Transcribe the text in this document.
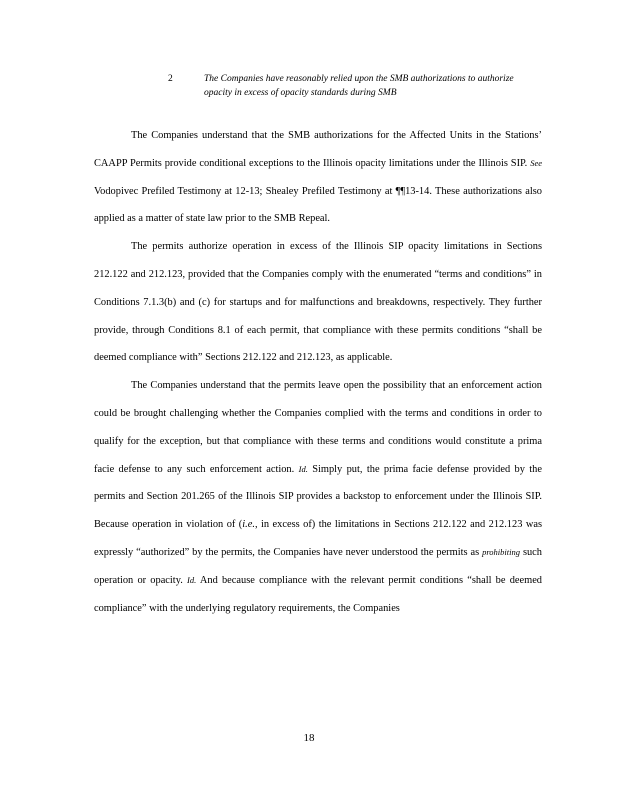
2	The Companies have reasonably relied upon the SMB authorizations to authorize opacity in excess of opacity standards during SMB

The Companies understand that the SMB authorizations for the Affected Units in the Stations’ CAAPP Permits provide conditional exceptions to the Illinois opacity limitations under the Illinois SIP. See Vodopivec Prefiled Testimony at 12-13; Shealey Prefiled Testimony at ¶¶13-14. These authorizations also applied as a matter of state law prior to the SMB Repeal.

The permits authorize operation in excess of the Illinois SIP opacity limitations in Sections 212.122 and 212.123, provided that the Companies comply with the enumerated “terms and conditions” in Conditions 7.1.3(b) and (c) for startups and for malfunctions and breakdowns, respectively. They further provide, through Conditions 8.1 of each permit, that compliance with these permits conditions “shall be deemed compliance with” Sections 212.122 and 212.123, as applicable.

The Companies understand that the permits leave open the possibility that an enforcement action could be brought challenging whether the Companies complied with the terms and conditions in order to qualify for the exception, but that compliance with these terms and conditions would constitute a prima facie defense to any such enforcement action. Id. Simply put, the prima facie defense provided by the permits and Section 201.265 of the Illinois SIP provides a backstop to enforcement under the Illinois SIP. Because operation in violation of (i.e., in excess of) the limitations in Sections 212.122 and 212.123 was expressly “authorized” by the permits, the Companies have never understood the permits as prohibiting such operation or opacity. Id. And because compliance with the relevant permit conditions “shall be deemed compliance” with the underlying regulatory requirements, the Companies

18
